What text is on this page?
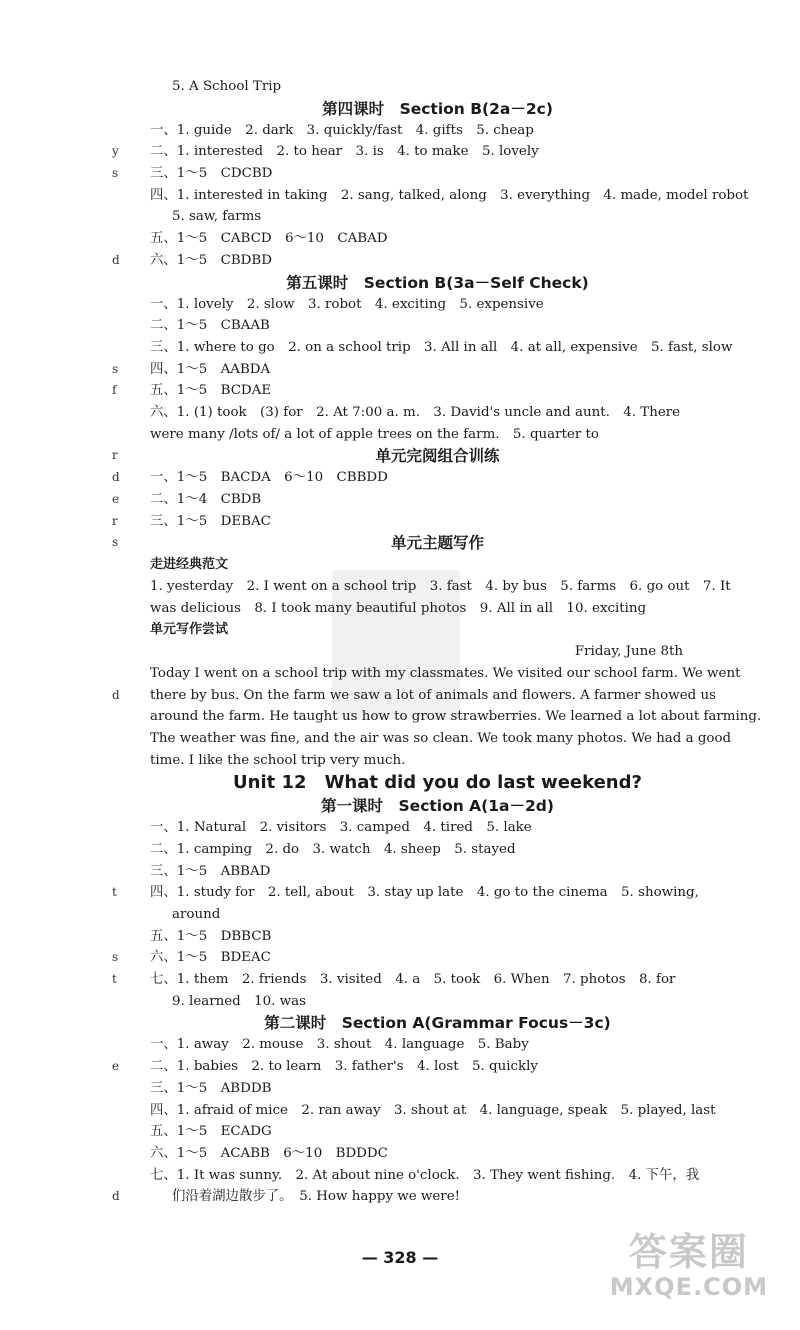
y
s
d
s
f
r
d
e
r
s
d
t
s
t
e
d
5. A School Trip
第四课时　Section B(2a－2c)
一、1. guide　2. dark　3. quickly/fast　4. gifts　5. cheap
二、1. interested　2. to hear　3. is　4. to make　5. lovely
三、1～5　CDCBD
四、1. interested in taking　2. sang, talked, along　3. everything　4. made, model robot
5. saw, farms
五、1～5　CABCD　6～10　CABAD
六、1～5　CBDBD
第五课时　Section B(3a－Self Check)
一、1. lovely　2. slow　3. robot　4. exciting　5. expensive
二、1～5　CBAAB
三、1. where to go　2. on a school trip　3. All in all　4. at all, expensive　5. fast, slow
四、1～5　AABDA
五、1～5　BCDAE
六、1. (1) took　(3) for　2. At 7:00 a. m.　3. David's uncle and aunt.　4. There
were many /lots of/ a lot of apple trees on the farm.　5. quarter to
单元完阅组合训练
一、1～5　BACDA　6～10　CBBDD
二、1～4　CBDB
三、1～5　DEBAC
单元主题写作
走进经典范文
1. yesterday　2. I went on a school trip　3. fast　4. by bus　5. farms　6. go out　7. It
was delicious　8. I took many beautiful photos　9. All in all　10. exciting
单元写作尝试
Friday, June 8th
Today I went on a school trip with my classmates. We visited our school farm. We went
there by bus. On the farm we saw a lot of animals and flowers. A farmer showed us
around the farm. He taught us how to grow strawberries. We learned a lot about farming.
The weather was fine, and the air was so clean. We took many photos. We had a good
time. I like the school trip very much.
Unit 12　What did you do last weekend?
第一课时　Section A(1a－2d)
一、1. Natural　2. visitors　3. camped　4. tired　5. lake
二、1. camping　2. do　3. watch　4. sheep　5. stayed
三、1～5　ABBAD
四、1. study for　2. tell, about　3. stay up late　4. go to the cinema　5. showing,
around
五、1～5　DBBCB
六、1～5　BDEAC
七、1. them　2. friends　3. visited　4. a　5. took　6. When　7. photos　8. for
9. learned　10. was
第二课时　Section A(Grammar Focus－3c)
一、1. away　2. mouse　3. shout　4. language　5. Baby
二、1. babies　2. to learn　3. father's　4. lost　5. quickly
三、1～5　ABDDB
四、1. afraid of mice　2. ran away　3. shout at　4. language, speak　5. played, last
五、1～5　ECADG
六、1～5　ACABB　6～10　BDDDC
七、1. It was sunny.　2. At about nine o'clock.　3. They went fishing.　4. 下午，我
们沿着湖边散步了。　5. How happy we were!
— 328 —	答案圈
MXQE.COM
